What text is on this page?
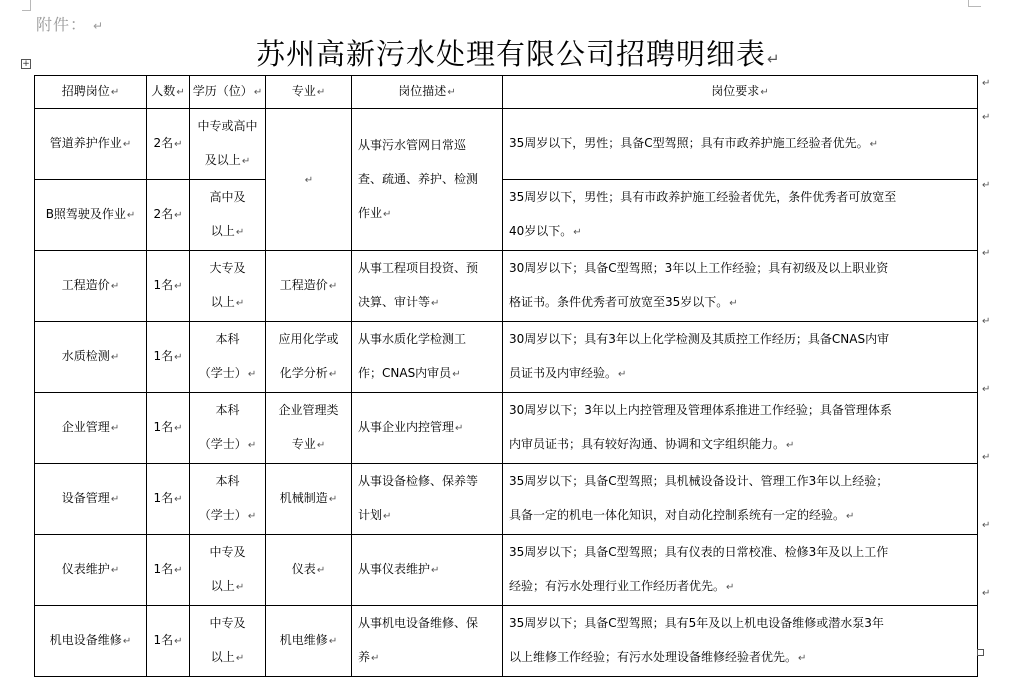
附件： ↵
苏州高新污水处理有限公司招聘明细表↵
+
招聘岗位↵	人数↵	学历（位）↵	专业↵	岗位描述↵	岗位要求↵
管道养护作业↵	2名↵	中专或高中
及以上↵	↵	从事污水管网日常巡
查、疏通、养护、检测
作业↵	35周岁以下，男性；具备C型驾照；具有市政养护施工经验者优先。↵
B照驾驶及作业↵	2名↵	高中及
以上↵			35周岁以下，男性；具有市政养护施工经验者优先，条件优秀者可放宽至
40岁以下。↵
工程造价↵	1名↵	大专及
以上↵	工程造价↵	从事工程项目投资、预
决算、审计等↵	30周岁以下；具备C型驾照；3年以上工作经验；具有初级及以上职业资
格证书。条件优秀者可放宽至35岁以下。↵
水质检测↵	1名↵	本科
（学士）↵	应用化学或
化学分析↵	从事水质化学检测工
作；CNAS内审员↵	30周岁以下；具有3年以上化学检测及其质控工作经历；具备CNAS内审
员证书及内审经验。↵
企业管理↵	1名↵	本科
（学士）↵	企业管理类
专业↵	从事企业内控管理↵	30周岁以下；3年以上内控管理及管理体系推进工作经验；具备管理体系
内审员证书；具有较好沟通、协调和文字组织能力。↵
设备管理↵	1名↵	本科
（学士）↵	机械制造↵	从事设备检修、保养等
计划↵	35周岁以下；具备C型驾照；具机械设备设计、管理工作3年以上经验；
具备一定的机电一体化知识，对自动化控制系统有一定的经验。↵
仪表维护↵	1名↵	中专及
以上↵	仪表↵	从事仪表维护↵	35周岁以下；具备C型驾照；具有仪表的日常校准、检修3年及以上工作
经验；有污水处理行业工作经历者优先。↵
机电设备维修↵	1名↵	中专及
以上↵	机电维修↵	从事机电设备维修、保
养↵	35周岁以下；具备C型驾照；具有5年及以上机电设备维修或潜水泵3年
以上维修工作经验；有污水处理设备维修经验者优先。↵
↵
↵
↵
↵
↵
↵
↵
↵
↵
